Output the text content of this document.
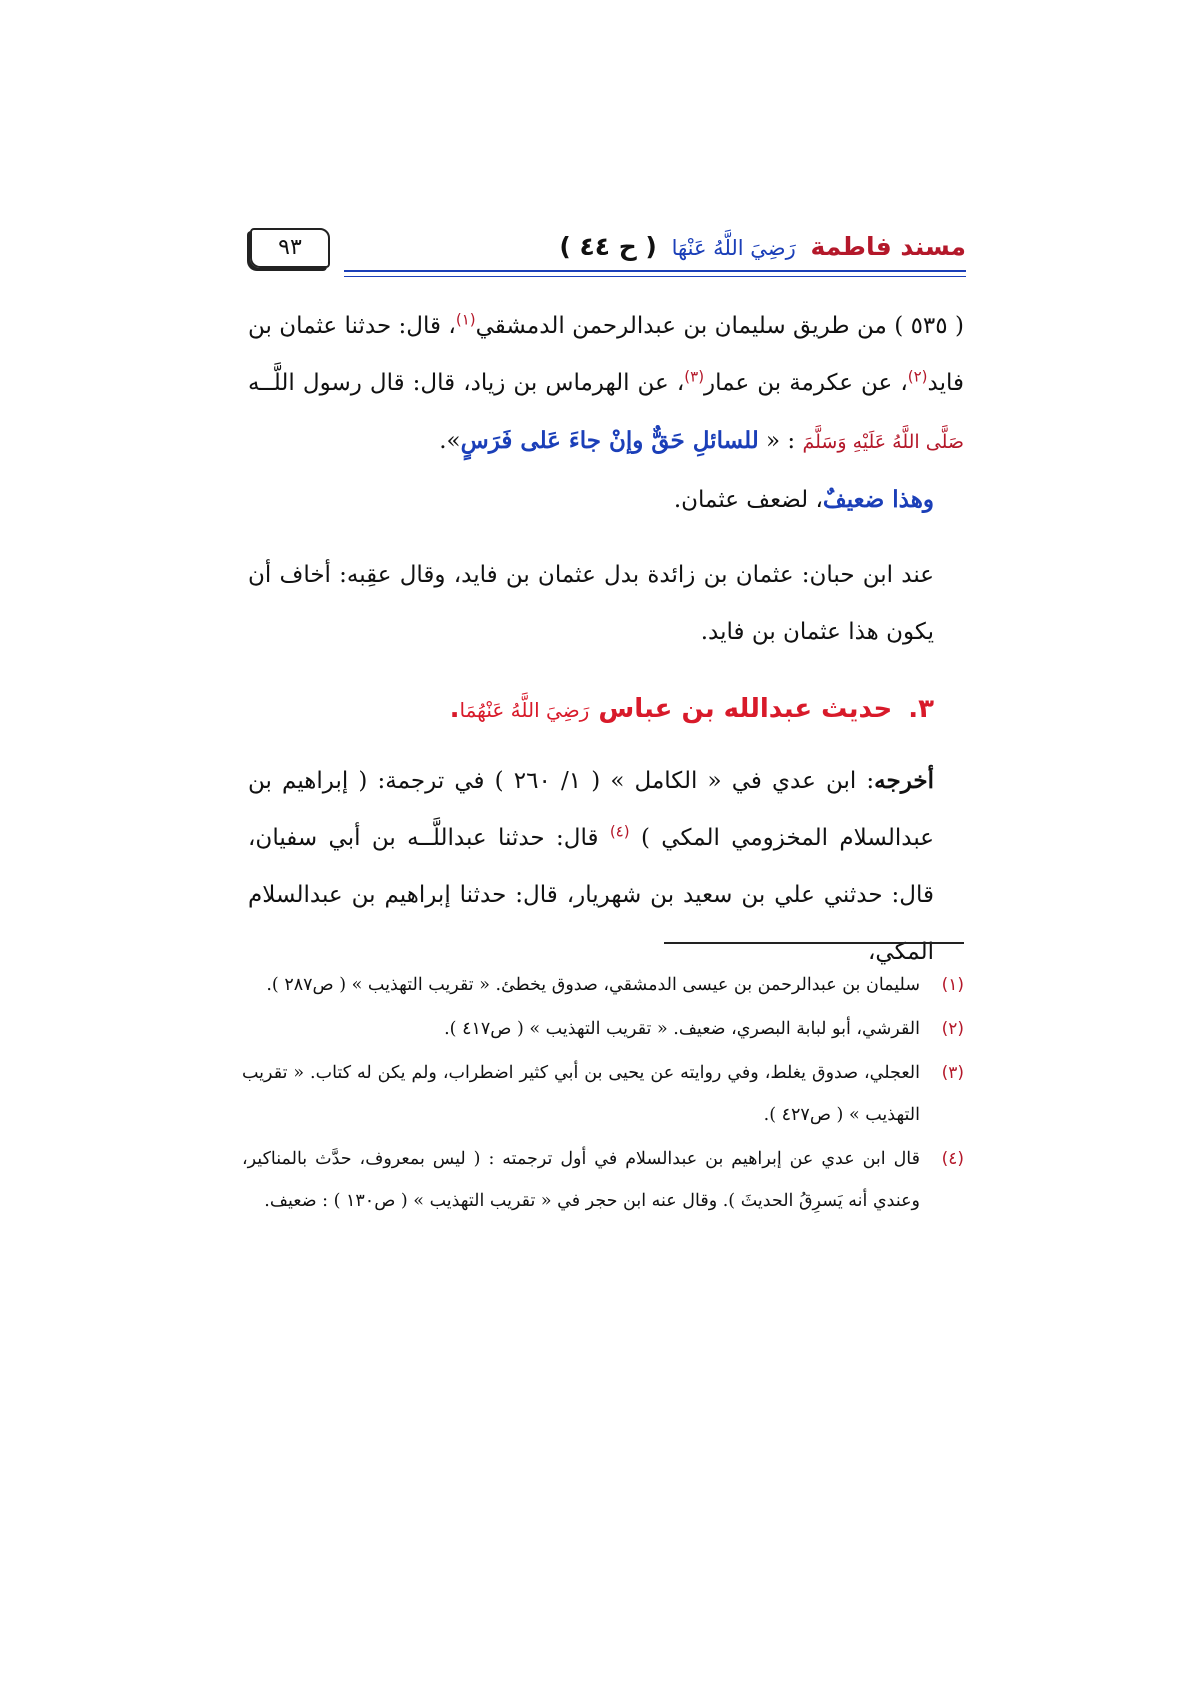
مسند فاطمة رَضِيَ اللَّهُ عَنْهَا ( ح ٤٤ )
٩٣

( ٥٣٥ ) من طريق سليمان بن عبدالرحمن الدمشقي$^{(١)}$، قال: حدثنا عثمان بن فايد$^{(٢)}$، عن عكرمة بن عمار$^{(٣)}$، عن الهرماس بن زياد، قال: قال رسول اللَّــه صَلَّى اللَّهُ عَلَيْهِ وَسَلَّمَ : « للسائلِ حَقٌّ وإنْ جاءَ عَلى فَرَسٍ».

وهذا ضعيفٌ، لضعف عثمان.

عند ابن حبان: عثمان بن زائدة بدل عثمان بن فايد، وقال عقِبه: أخاف أن يكون هذا عثمان بن فايد.

٣.حديث عبدالله بن عباس رَضِيَ اللَّهُ عَنْهُمَا.

أخرجه: ابن عدي في « الكامل » ( ١/ ٢٦٠ ) في ترجمة: ( إبراهيم بن عبدالسلام المخزومي المكي ) $^{(٤)}$ قال: حدثنا عبداللَّــه بن أبي سفيان، قال: حدثني علي بن سعيد بن شهريار، قال: حدثنا إبراهيم بن عبدالسلام المكي،

(١)
سليمان بن عبدالرحمن بن عيسى الدمشقي، صدوق يخطئ. « تقريب التهذيب » ( ص٢٨٧ ).
(٢)
القرشي، أبو لبابة البصري، ضعيف. « تقريب التهذيب » ( ص٤١٧ ).
(٣)
العجلي، صدوق يغلط، وفي روايته عن يحيى بن أبي كثير اضطراب، ولم يكن له كتاب. « تقريب التهذيب » ( ص٤٢٧ ).
(٤)
قال ابن عدي عن إبراهيم بن عبدالسلام في أول ترجمته : ( ليس بمعروف، حدَّث بالمناكير، وعندي أنه يَسرِقُ الحديثَ ). وقال عنه ابن حجر في « تقريب التهذيب » ( ص١٣٠ ) : ضعيف.
